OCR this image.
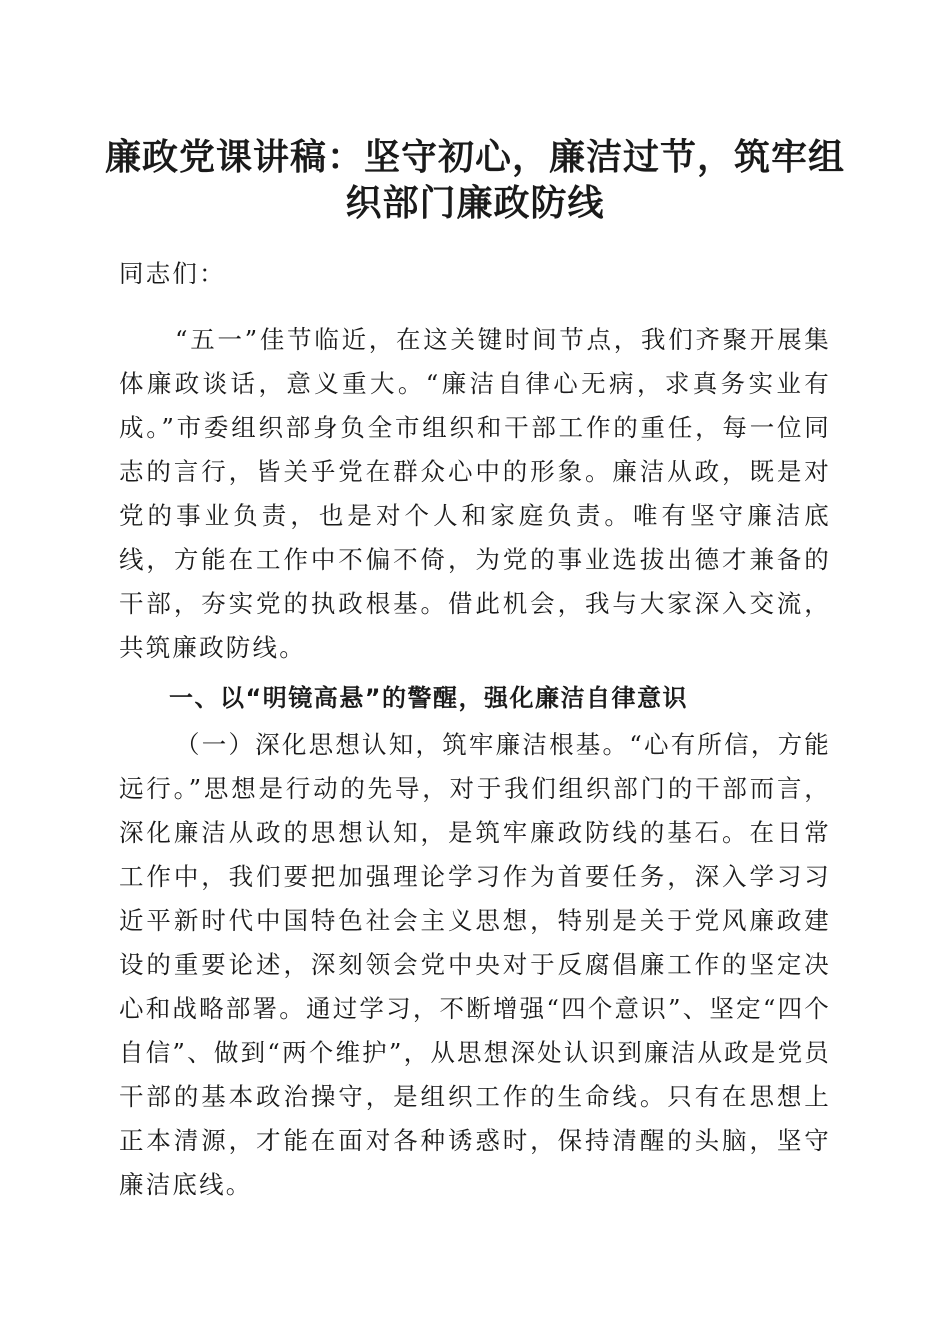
廉政党课讲稿：坚守初心，廉洁过节，筑牢组织部门廉政防线

同志们：

“五一”佳节临近，在这关键时间节点，我们齐聚开展集体廉政谈话，意义重大。“廉洁自律心无病，求真务实业有成。”市委组织部身负全市组织和干部工作的重任，每一位同志的言行，皆关乎党在群众心中的形象。廉洁从政，既是对党的事业负责，也是对个人和家庭负责。唯有坚守廉洁底线，方能在工作中不偏不倚，为党的事业选拔出德才兼备的干部，夯实党的执政根基。借此机会，我与大家深入交流，共筑廉政防线。

一、以“明镜高悬”的警醒，强化廉洁自律意识

（一）深化思想认知，筑牢廉洁根基。“心有所信，方能远行。”思想是行动的先导，对于我们组织部门的干部而言，深化廉洁从政的思想认知，是筑牢廉政防线的基石。在日常工作中，我们要把加强理论学习作为首要任务，深入学习习近平新时代中国特色社会主义思想，特别是关于党风廉政建设的重要论述，深刻领会党中央对于反腐倡廉工作的坚定决心和战略部署。通过学习，不断增强“四个意识”、坚定“四个自信”、做到“两个维护”，从思想深处认识到廉洁从政是党员干部的基本政治操守，是组织工作的生命线。只有在思想上正本清源，才能在面对各种诱惑时，保持清醒的头脑，坚守廉洁底线。
